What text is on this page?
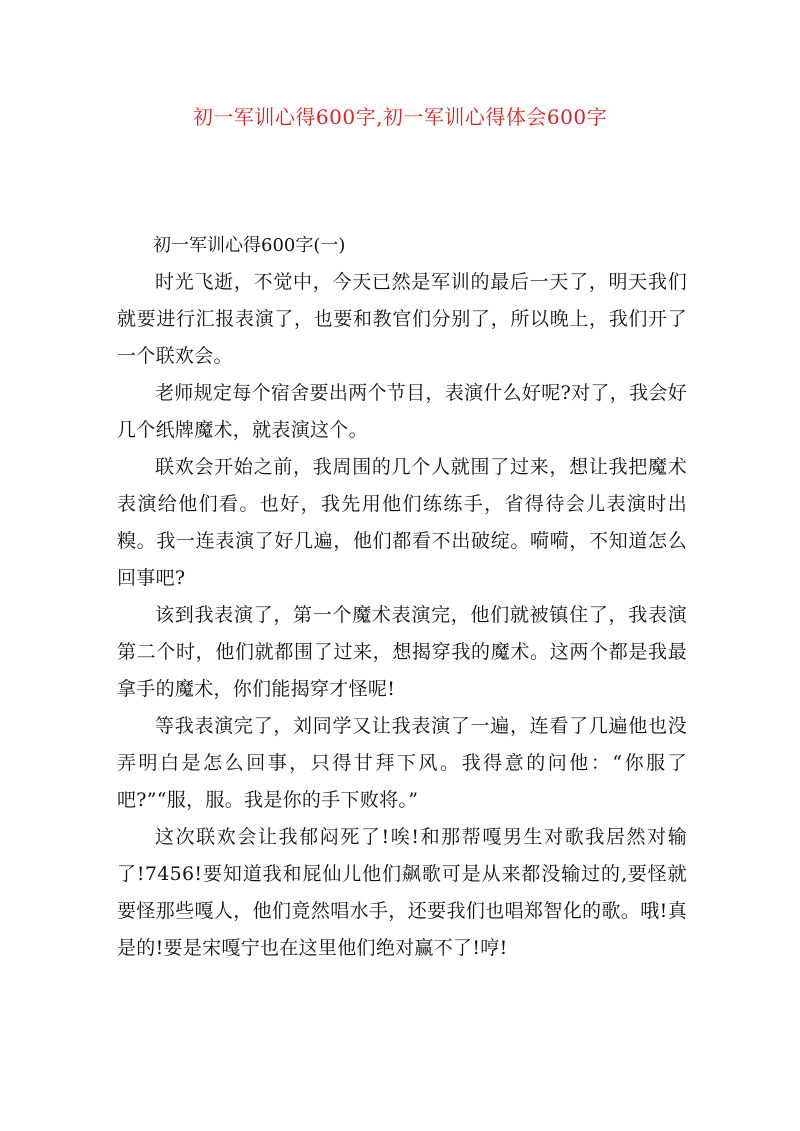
初一军训心得600字,初一军训心得体会600字

初一军训心得600字(一)

时光飞逝，不觉中，今天已然是军训的最后一天了，明天我们就要进行汇报表演了，也要和教官们分别了，所以晚上，我们开了一个联欢会。

老师规定每个宿舍要出两个节目，表演什么好呢?对了，我会好几个纸牌魔术，就表演这个。

联欢会开始之前，我周围的几个人就围了过来，想让我把魔术表演给他们看。也好，我先用他们练练手，省得待会儿表演时出糗。我一连表演了好几遍，他们都看不出破绽。嗬嗬，不知道怎么回事吧?

该到我表演了，第一个魔术表演完，他们就被镇住了，我表演第二个时，他们就都围了过来，想揭穿我的魔术。这两个都是我最拿手的魔术，你们能揭穿才怪呢!

等我表演完了，刘同学又让我表演了一遍，连看了几遍他也没弄明白是怎么回事，只得甘拜下风。我得意的问他：“你服了吧?”“服，服。我是你的手下败将。”

这次联欢会让我郁闷死了!唉!和那帮嘎男生对歌我居然对输了!7456!要知道我和屁仙儿他们飙歌可是从来都没输过的,要怪就要怪那些嘎人，他们竟然唱水手，还要我们也唱郑智化的歌。哦!真是的!要是宋嘎宁也在这里他们绝对赢不了!哼!
